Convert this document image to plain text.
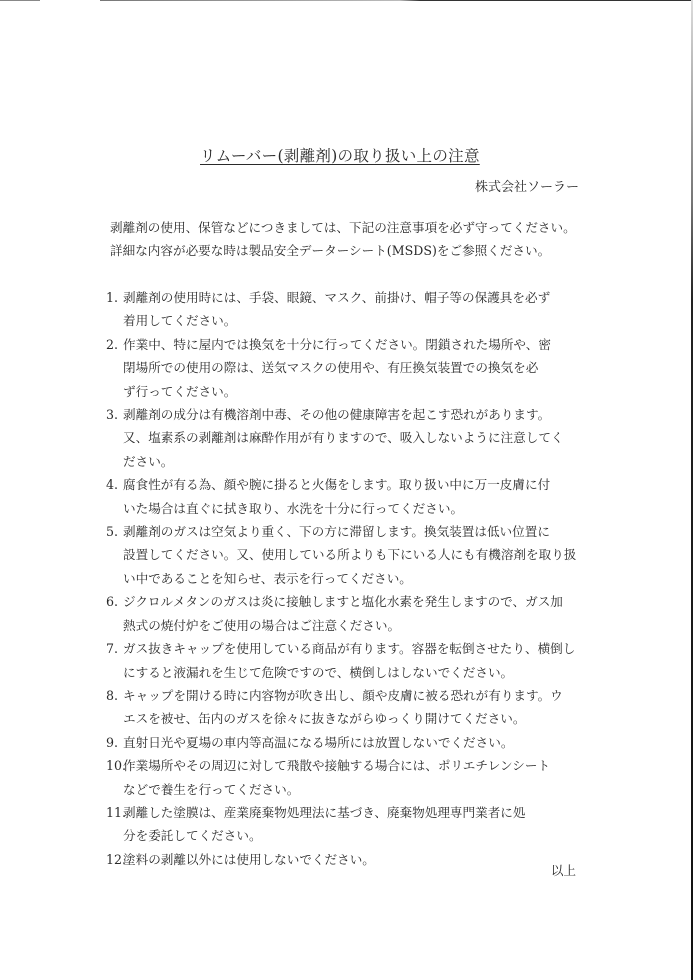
リムーバー(剥離剤)の取り扱い上の注意
株式会社ソーラー

剥離剤の使用、保管などにつきましては、下記の注意事項を必ず守ってください。

詳細な内容が必要な時は製品安全データーシート(MSDS)をご参照ください。

1. 剥離剤の使用時には、手袋、眼鏡、マスク、前掛け、帽子等の保護具を必ず
着用してください。
2. 作業中、特に屋内では換気を十分に行ってください。閉鎖された場所や、密
閉場所での使用の際は、送気マスクの使用や、有圧換気装置での換気を必
ず行ってください。
3. 剥離剤の成分は有機溶剤中毒、その他の健康障害を起こす恐れがあります。
又、塩素系の剥離剤は麻酔作用が有りますので、吸入しないように注意してく
ださい。
4. 腐食性が有る為、顔や腕に掛ると火傷をします。取り扱い中に万一皮膚に付
いた場合は直ぐに拭き取り、水洗を十分に行ってください。
5. 剥離剤のガスは空気より重く、下の方に滞留します。換気装置は低い位置に
設置してください。又、使用している所よりも下にいる人にも有機溶剤を取り扱
い中であることを知らせ、表示を行ってください。
6. ジクロルメタンのガスは炎に接触しますと塩化水素を発生しますので、ガス加
熱式の焼付炉をご使用の場合はご注意ください。
7. ガス抜きキャップを使用している商品が有ります。容器を転倒させたり、横倒し
にすると液漏れを生じて危険ですので、横倒しはしないでください。
8. キャップを開ける時に内容物が吹き出し、顔や皮膚に被る恐れが有ります。ウ
エスを被せ、缶内のガスを徐々に抜きながらゆっくり開けてください。
9. 直射日光や夏場の車内等高温になる場所には放置しないでください。
10.
作業場所やその周辺に対して飛散や接触する場合には、ポリエチレンシート
などで養生を行ってください。
11.
剥離した塗膜は、産業廃棄物処理法に基づき、廃棄物処理専門業者に処
分を委託してください。
12.
塗料の剥離以外には使用しないでください。
以上
